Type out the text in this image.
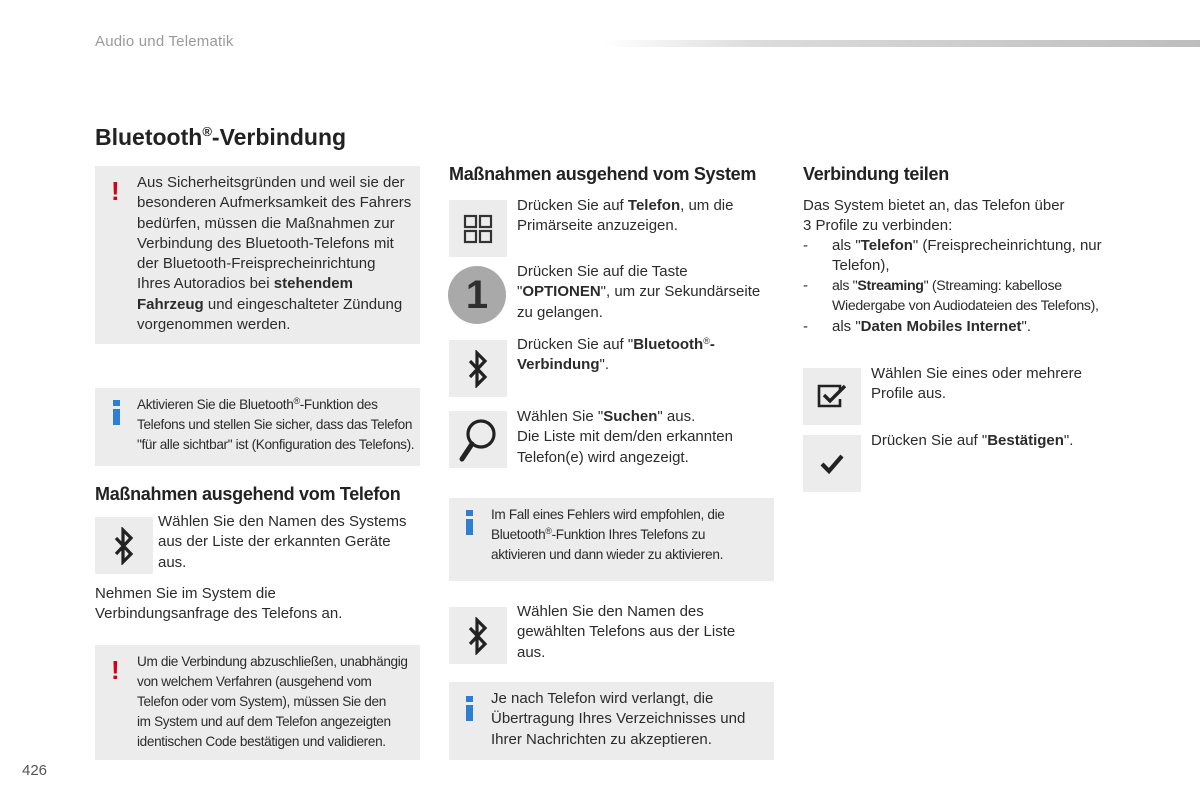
Audio und Telematik
Bluetooth®-Verbindung
! Aus Sicherheitsgründen und weil sie der
besonderen Aufmerksamkeit des Fahrers
bedürfen, müssen die Maßnahmen zur
Verbindung des Bluetooth-Telefons mit
der Bluetooth-Freisprecheinrichtung
Ihres Autoradios bei stehendem
Fahrzeug und eingeschalteter Zündung
vorgenommen werden.
Aktivieren Sie die Bluetooth®-Funktion des
Telefons und stellen Sie sicher, dass das Telefon
"für alle sichtbar" ist (Konfiguration des Telefons).
Maßnahmen ausgehend vom Telefon
Wählen Sie den Namen des Systems
aus der Liste der erkannten Geräte
aus.
Nehmen Sie im System die
Verbindungsanfrage des Telefons an.
! Um die Verbindung abzuschließen, unabhängig
von welchem Verfahren (ausgehend vom
Telefon oder vom System), müssen Sie den
im System und auf dem Telefon angezeigten
identischen Code bestätigen und validieren.
Maßnahmen ausgehend vom System
Drücken Sie auf Telefon, um die
Primärseite anzuzeigen.
1
Drücken Sie auf die Taste
"OPTIONEN", um zur Sekundärseite
zu gelangen.
Drücken Sie auf "Bluetooth®-
Verbindung".
Wählen Sie "Suchen" aus.
Die Liste mit dem/den erkannten
Telefon(e) wird angezeigt.
Im Fall eines Fehlers wird empfohlen, die
Bluetooth®-Funktion Ihres Telefons zu
aktivieren und dann wieder zu aktivieren.
Wählen Sie den Namen des
gewählten Telefons aus der Liste
aus.
Je nach Telefon wird verlangt, die
Übertragung Ihres Verzeichnisses und
Ihrer Nachrichten zu akzeptieren.
Verbindung teilen
Das System bietet an, das Telefon über
3 Profile zu verbinden:
- als "Telefon" (Freisprecheinrichtung, nur
Telefon),
- als "Streaming" (Streaming: kabellose
Wiedergabe von Audiodateien des Telefons),
- als "Daten Mobiles Internet".
Wählen Sie eines oder mehrere
Profile aus.
Drücken Sie auf "Bestätigen".
426
